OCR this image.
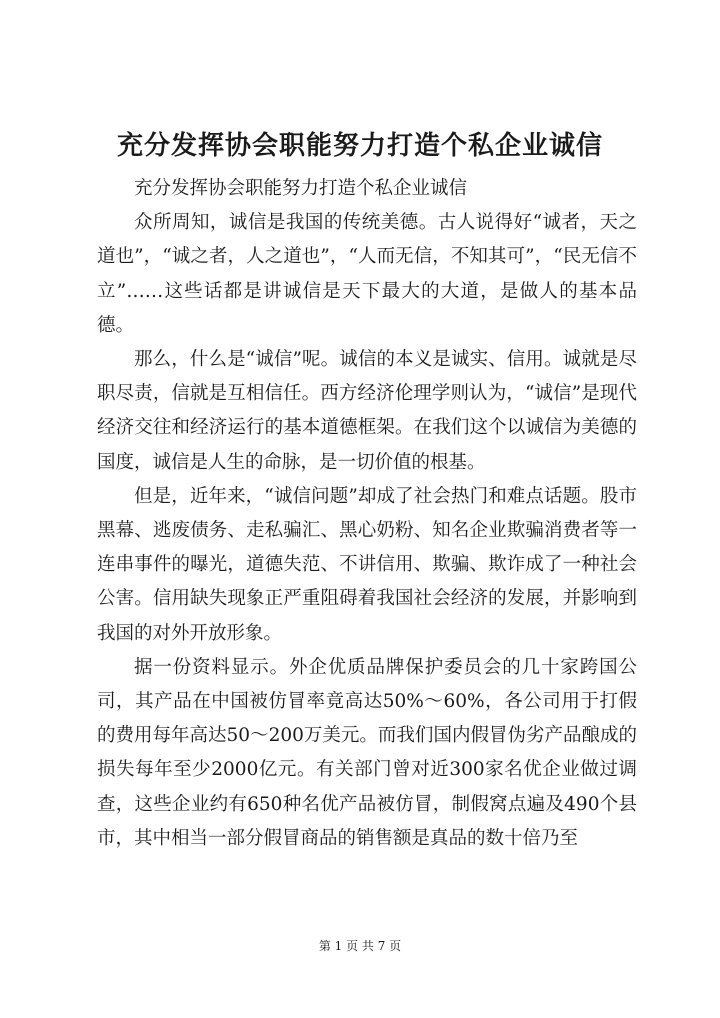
充分发挥协会职能努力打造个私企业诚信

充分发挥协会职能努力打造个私企业诚信

众所周知，诚信是我国的传统美德。古人说得好“诚者，天之道也”，“诚之者，人之道也”，“人而无信，不知其可”，“民无信不立”……这些话都是讲诚信是天下最大的大道，是做人的基本品德。

那么，什么是“诚信”呢。诚信的本义是诚实、信用。诚就是尽职尽责，信就是互相信任。西方经济伦理学则认为，“诚信”是现代经济交往和经济运行的基本道德框架。在我们这个以诚信为美德的国度，诚信是人生的命脉，是一切价值的根基。

但是，近年来，“诚信问题”却成了社会热门和难点话题。股市黑幕、逃废债务、走私骗汇、黑心奶粉、知名企业欺骗消费者等一连串事件的曝光，道德失范、不讲信用、欺骗、欺诈成了一种社会公害。信用缺失现象正严重阻碍着我国社会经济的发展，并影响到我国的对外开放形象。

据一份资料显示。外企优质品牌保护委员会的几十家跨国公司，其产品在中国被仿冒率竟高达50%～60%，各公司用于打假的费用每年高达50～200万美元。而我们国内假冒伪劣产品酿成的损失每年至少2000亿元。有关部门曾对近300家名优企业做过调查，这些企业约有650种名优产品被仿冒，制假窝点遍及490个县市，其中相当一部分假冒商品的销售额是真品的数十倍乃至

第 1 页 共 7 页
